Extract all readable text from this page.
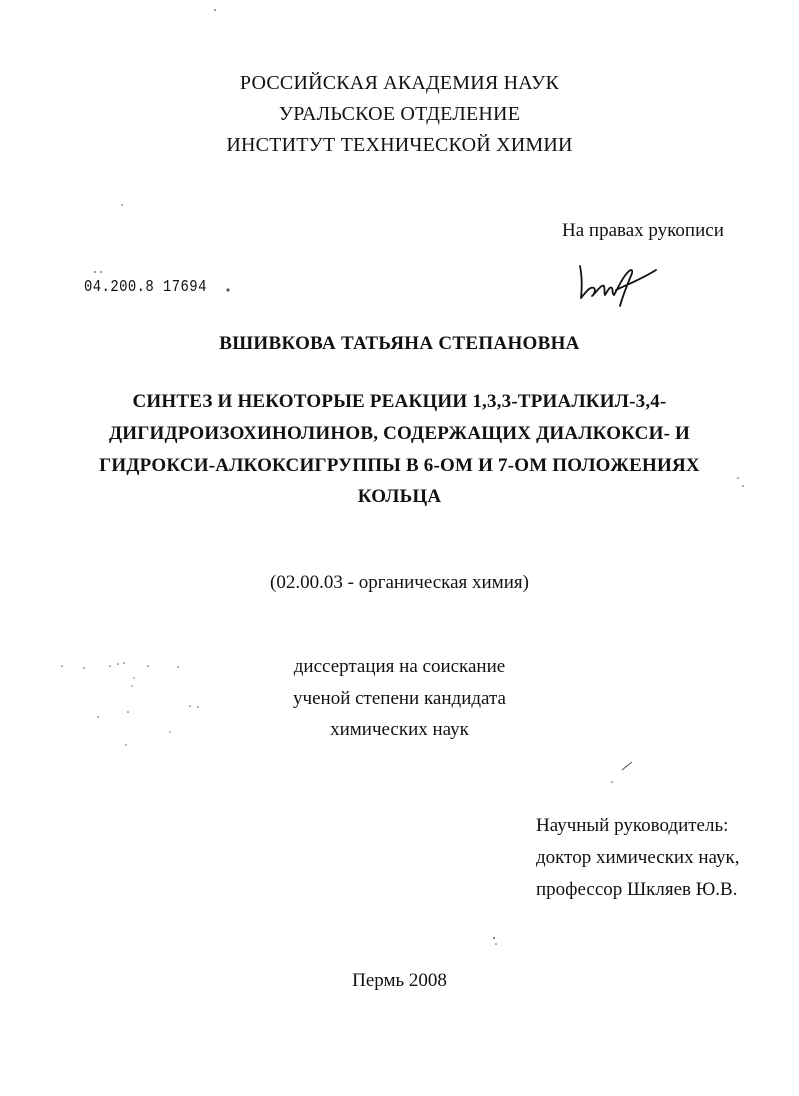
РОССИЙСКАЯ АКАДЕМИЯ НАУК
УРАЛЬСКОЕ ОТДЕЛЕНИЕ
ИНСТИТУТ ТЕХНИЧЕСКОЙ ХИМИИ
На правах рукописи
04.200.8 17694
ВШИВКОВА ТАТЬЯНА СТЕПАНОВНА
СИНТЕЗ И НЕКОТОРЫЕ РЕАКЦИИ 1,3,3-ТРИАЛКИЛ-3,4-
ДИГИДРОИЗОХИНОЛИНОВ, СОДЕРЖАЩИХ ДИАЛКОКСИ- И
ГИДРОКСИ-АЛКОКСИГРУППЫ В 6-ОМ И 7-ОМ ПОЛОЖЕНИЯХ
КОЛЬЦА
(02.00.03 - органическая химия)
диссертация на соискание
ученой степени кандидата
химических наук
Научный руководитель:
доктор химических наук,
профессор Шкляев Ю.В.
Пермь 2008
